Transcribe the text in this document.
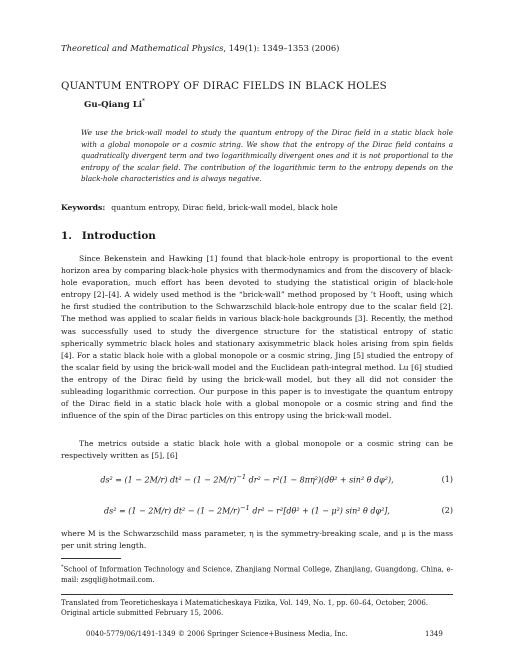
Theoretical and Mathematical Physics, 149(1): 1349–1353 (2006)
QUANTUM ENTROPY OF DIRAC FIELDS IN BLACK HOLES
Gu-Qiang Li*
We use the brick-wall model to study the quantum entropy of the Dirac field in a static black hole with a global monopole or a cosmic string. We show that the entropy of the Dirac field contains a quadratically divergent term and two logarithmically divergent ones and it is not proportional to the entropy of the scalar field. The contribution of the logarithmic term to the entropy depends on the black-hole characteristics and is always negative.
Keywords: quantum entropy, Dirac field, brick-wall model, black hole
1. Introduction
Since Bekenstein and Hawking [1] found that black-hole entropy is proportional to the event horizon area by comparing black-hole physics with thermodynamics and from the discovery of black-hole evaporation, much effort has been devoted to studying the statistical origin of black-hole entropy [2]–[4]. A widely used method is the “brick-wall” method proposed by ’t Hooft, using which he first studied the contribution to the Schwarzschild black-hole entropy due to the scalar field [2]. The method was applied to scalar fields in various black-hole backgrounds [3]. Recently, the method was successfully used to study the divergence structure for the statistical entropy of static spherically symmetric black holes and stationary axisymmetric black holes arising from spin fields [4]. For a static black hole with a global monopole or a cosmic string, Jing [5] studied the entropy of the scalar field by using the brick-wall model and the Euclidean path-integral method. Lu [6] studied the entropy of the Dirac field by using the brick-wall model, but they all did not consider the subleading logarithmic correction. Our purpose in this paper is to investigate the quantum entropy of the Dirac field in a static black hole with a global monopole or a cosmic string and find the influence of the spin of the Dirac particles on this entropy using the brick-wall model.
The metrics outside a static black hole with a global monopole or a cosmic string can be respectively written as [5], [6]
ds² = (1 − 2M/r) $dt^2 - (1 - 2M/r)^{-1}$ dr² − r²(1 − 8πη²)(dθ² + sin² θ dφ²),	(1)
ds² = (1 − 2M/r) $dt^2 - (1 - 2M/r)^{-1}$ dr² − r²[dθ² + (1 − μ²) sin² θ dφ²],	(2)
where M is the Schwarzschild mass parameter, η is the symmetry-breaking scale, and μ is the mass per unit string length.
*School of Information Technology and Science, Zhanjiang Normal College, Zhanjiang, Guangdong, China, e-mail: zsgqli@hotmail.com.
Translated from Teoreticheskaya i Matematicheskaya Fizika, Vol. 149, No. 1, pp. 60–64, October, 2006. Original article submitted February 15, 2006.
0040-5779/06/1491-1349 © 2006 Springer Science+Business Media, Inc.	1349
